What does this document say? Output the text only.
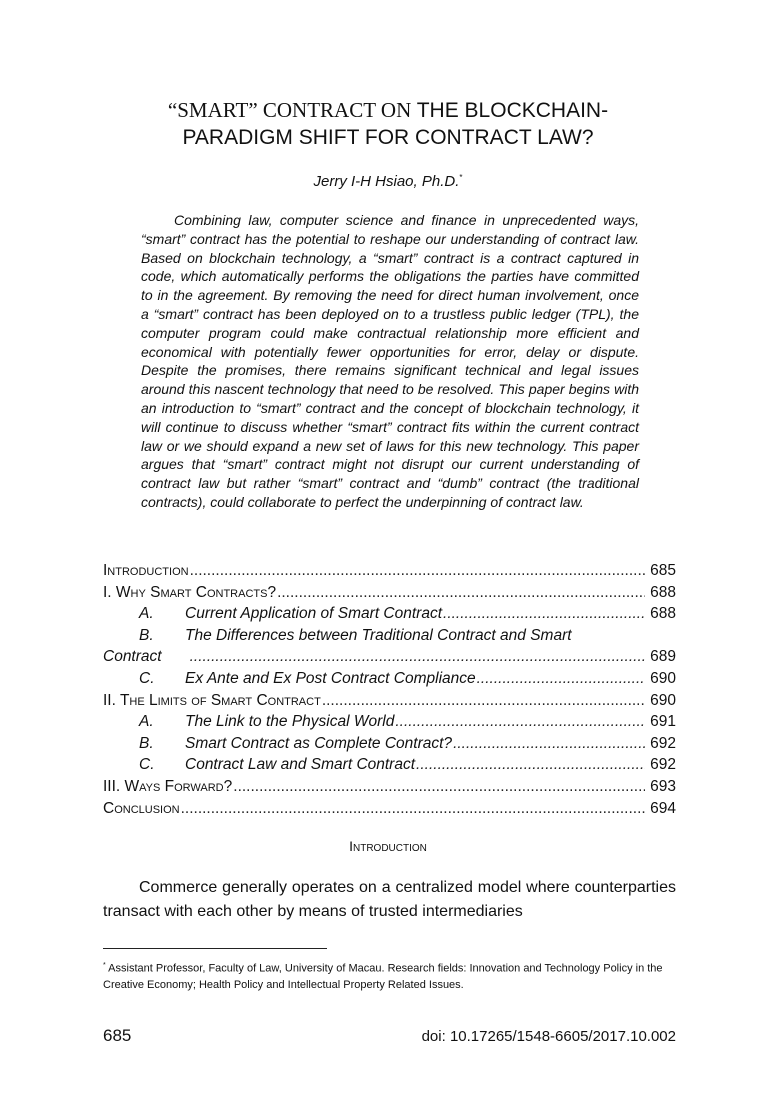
“SMART” CONTRACT ON THE BLOCKCHAIN-
PARADIGM SHIFT FOR CONTRACT LAW?
Jerry I-H Hsiao, Ph.D.*

Combining law, computer science and finance in unprecedented ways, “smart” contract has the potential to reshape our understanding of contract law. Based on blockchain technology, a “smart” contract is a contract captured in code, which automatically performs the obligations the parties have committed to in the agreement. By removing the need for direct human involvement, once a “smart” contract has been deployed on to a trustless public ledger (TPL), the computer program could make contractual relationship more efficient and economical with potentially fewer opportunities for error, delay or dispute. Despite the promises, there remains significant technical and legal issues around this nascent technology that need to be resolved. This paper begins with an introduction to “smart” contract and the concept of blockchain technology, it will continue to discuss whether “smart” contract fits within the current contract law or we should expand a new set of laws for this new technology. This paper argues that “smart” contract might not disrupt our current understanding of contract law but rather “smart” contract and “dumb” contract (the traditional contracts), could collaborate to perfect the underpinning of contract law.

Introduction .....	685
I. Why Smart Contracts? .....	688
A.	Current Application of Smart Contract .....	688
B.	The Differences between Traditional Contract and Smart
Contract .....	689
C.	Ex Ante and Ex Post Contract Compliance .....	690
II. The Limits of Smart Contract .....	690
A.	The Link to the Physical World .....	691
B.	Smart Contract as Complete Contract? .....	692
C.	Contract Law and Smart Contract .....	692
III. Ways Forward? .....	693
Conclusion .....	694
Introduction

Commerce generally operates on a centralized model where counterparties transact with each other by means of trusted intermediaries

* Assistant Professor, Faculty of Law, University of Macau. Research fields: Innovation and Technology Policy in the Creative Economy; Health Policy and Intellectual Property Related Issues.

685	doi: 10.17265/1548-6605/2017.10.002
